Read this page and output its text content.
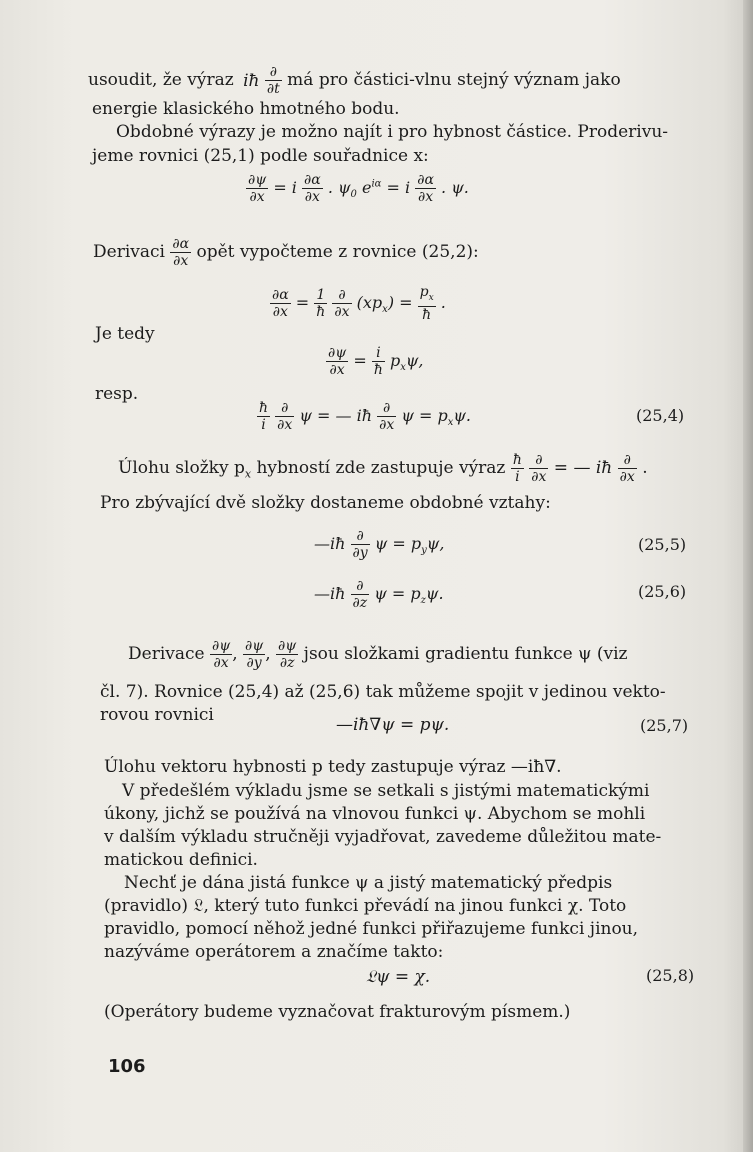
usoudit, že výraz iħ $\frac{\partial}{\partial t}$ má pro částici-vlnu stejný význam jako
energie klasického hmotného bodu.
Obdobné výrazy je možno najít i pro hybnost částice. Proderivu-
jeme rovnici (25,1) podle souřadnice x:
$\frac{\partial\psi}{\partial x} = i \frac{\partial\alpha}{\partial x}$ . $\psi_0$ $e^{i\alpha} = i \frac{\partial\alpha}{\partial x}$ . ψ.
Derivaci $\frac{\partial\alpha}{\partial x}$ opět vypočteme z rovnice (25,2):
$\frac{\partial\alpha}{\partial x} = \frac{1}{ħ}$
$\frac{\partial}{\partial x} (xp_x) = \frac{p_x}{ħ}$ .
Je tedy
$\frac{\partial\psi}{\partial x} = \frac{i}{ħ} p_x\psi$,
resp.
$\frac{ħ}{i}$
$\frac{\partial}{\partial x}$ ψ = — iħ $\frac{\partial}{\partial x}$ $\psi = p_x\psi$.	(25,4)
Úlohu složky $p_x$ hybností zde zastupuje výraz $\frac{ħ}{i}$
$\frac{\partial}{\partial x}$ = — iħ $\frac{\partial}{\partial x}$ .
Pro zbývající dvě složky dostaneme obdobné vztahy:
—iħ $\frac{\partial}{\partial y}$ $\psi = p_y\psi$,	(25,5)
—iħ $\frac{\partial}{\partial z}$ $\psi = p_z\psi$.	(25,6)
Derivace $\frac{\partial\psi}{\partial x}$ , $\frac{\partial\psi}{\partial y}$ , $\frac{\partial\psi}{\partial z}$ jsou složkami gradientu funkce ψ (viz
čl. 7). Rovnice (25,4) až (25,6) tak můžeme spojit v jedinou vekto-
rovou rovnici	—iħ∇ψ = pψ.	(25,7)
Úlohu vektoru hybnosti p tedy zastupuje výraz —iħ∇.
V předešlém výkladu jsme se setkali s jistými matematickými
úkony, jichž se používá na vlnovou funkci ψ. Abychom se mohli
v dalším výkladu stručněji vyjadřovat, zavedeme důležitou mate-
matickou definici.
Nechť je dána jistá funkce ψ a jistý matematický předpis
(pravidlo) 𝔏, který tuto funkci převádí na jinou funkci χ. Toto
pravidlo, pomocí něhož jedné funkci přiřazujeme funkci jinou,
nazýváme operátorem a značíme takto:
𝔏ψ = χ.	(25,8)
(Operátory budeme vyznačovat frakturovým písmem.)
106
